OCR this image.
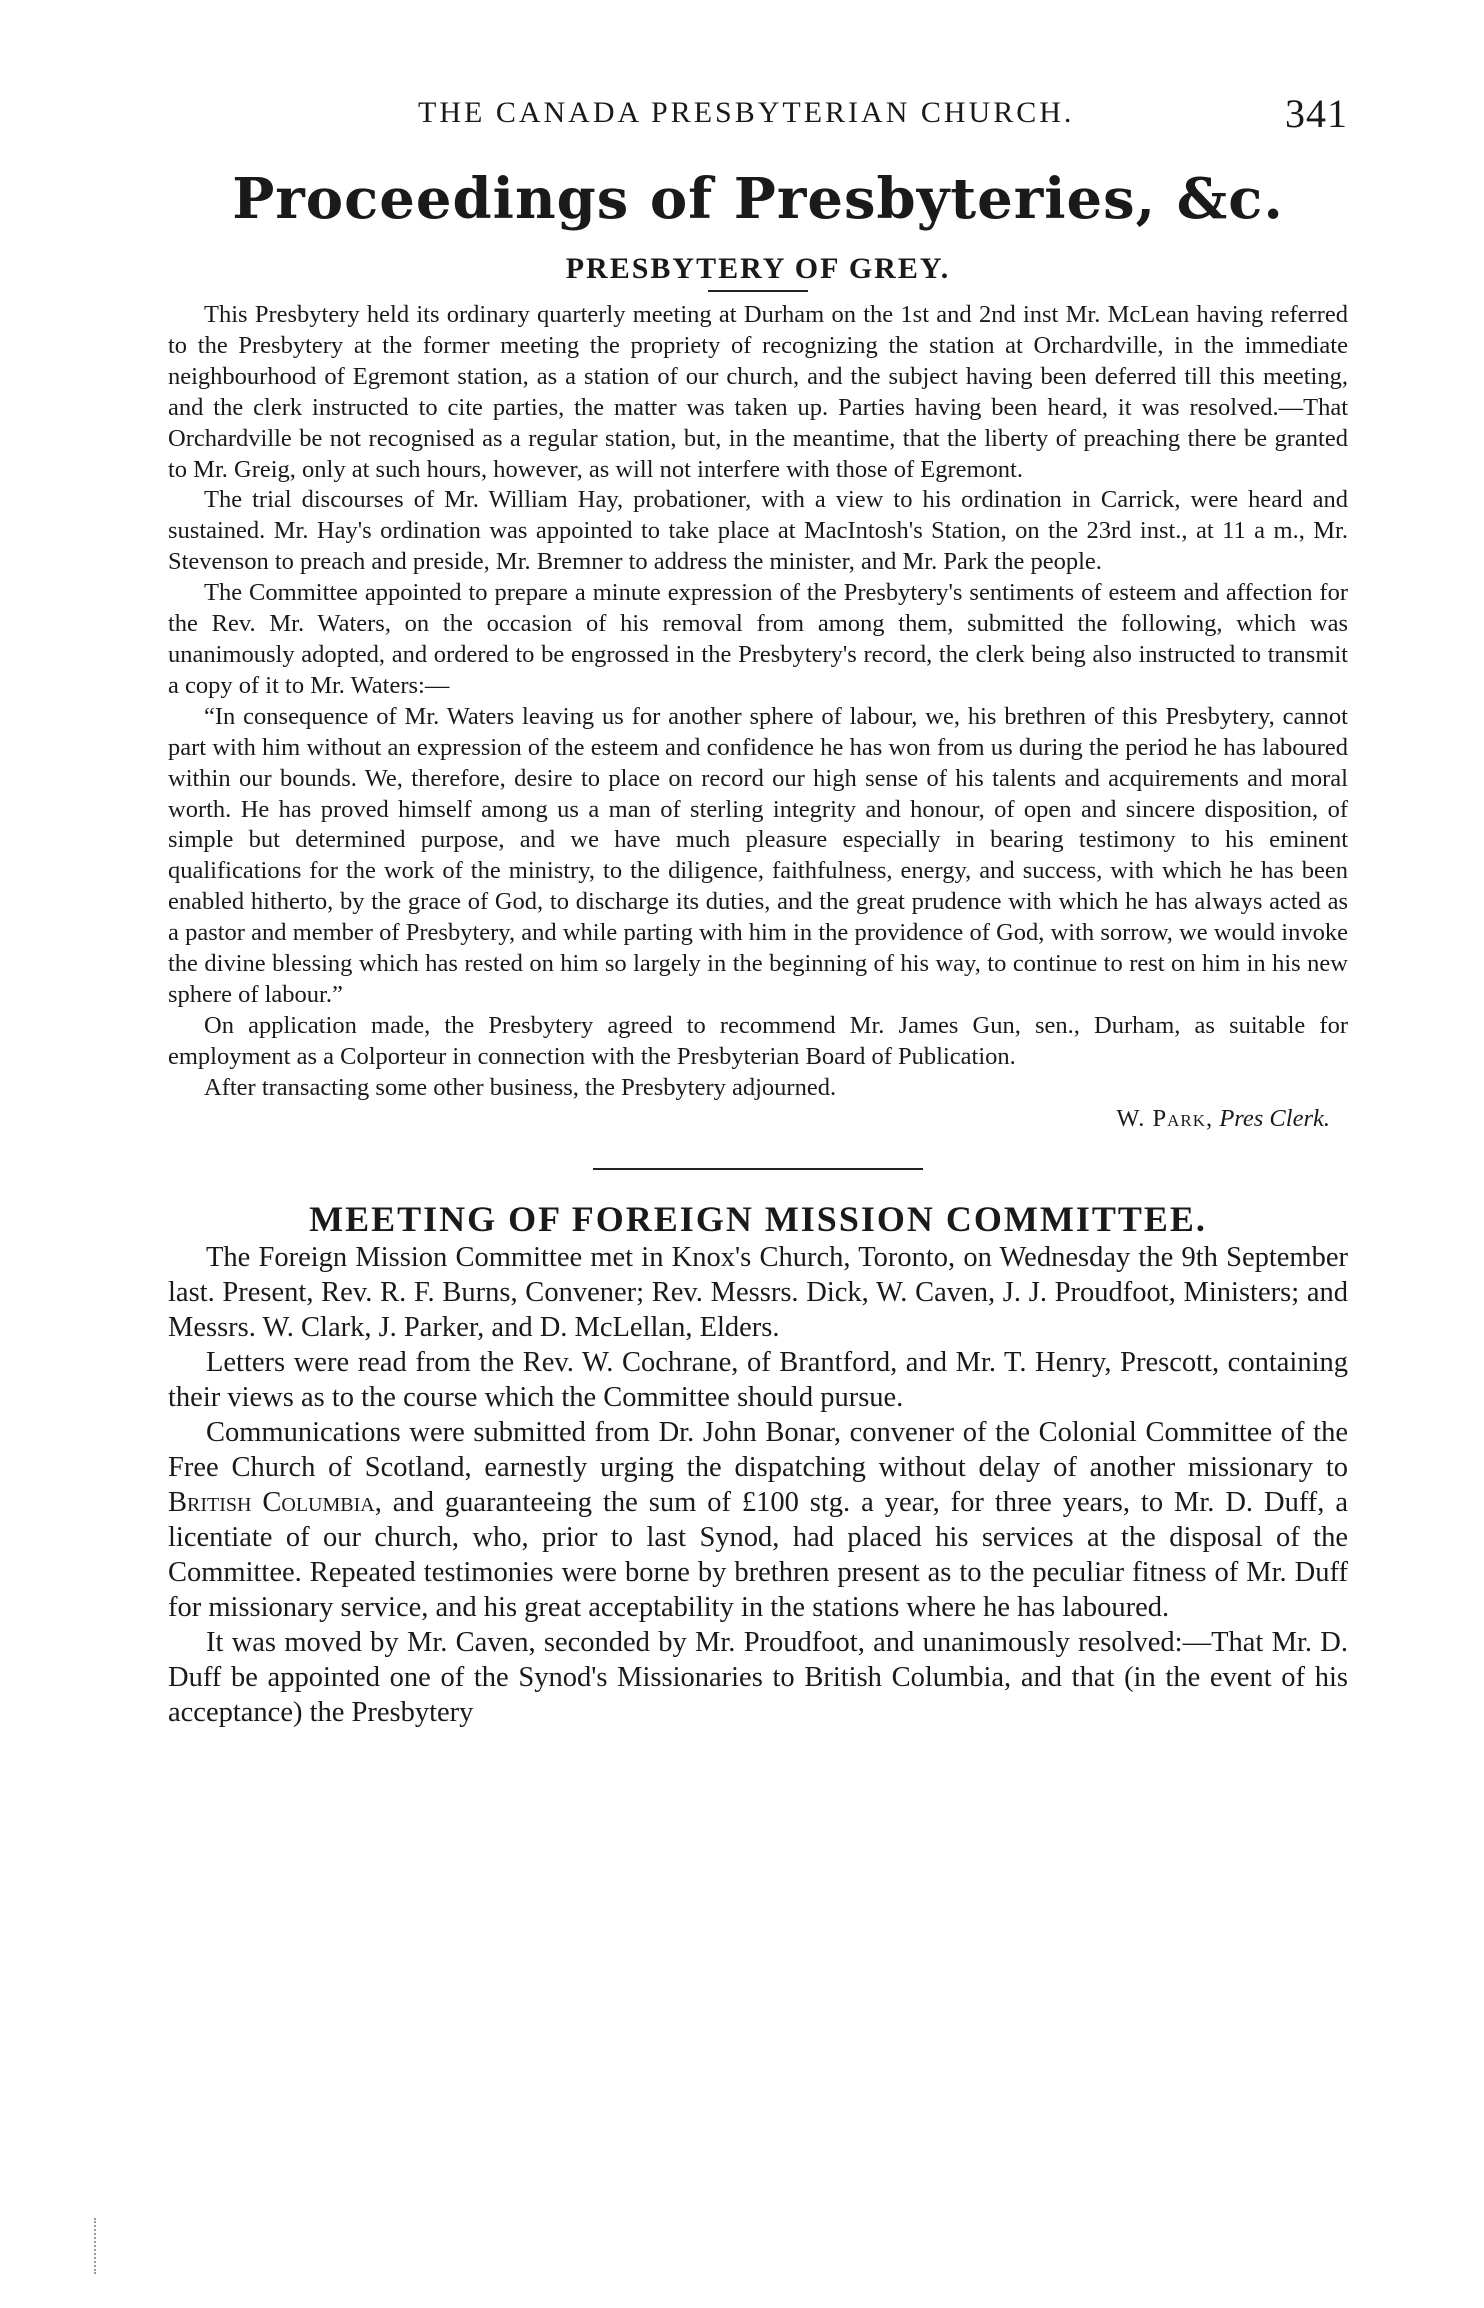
THE CANADA PRESBYTERIAN CHURCH.	341
Proceedings of Presbyteries, &c.
PRESBYTERY OF GREY.

This Presbytery held its ordinary quarterly meeting at Durham on the 1st and 2nd inst Mr. McLean having referred to the Presbytery at the former meeting the propriety of recognizing the station at Orchardville, in the immediate neighbourhood of Egremont station, as a station of our church, and the subject having been deferred till this meeting, and the clerk instructed to cite parties, the matter was taken up. Parties having been heard, it was resolved.—That Orchardville be not recognised as a regular station, but, in the meantime, that the liberty of preaching there be granted to Mr. Greig, only at such hours, however, as will not interfere with those of Egremont.

The trial discourses of Mr. William Hay, probationer, with a view to his ordination in Carrick, were heard and sustained. Mr. Hay's ordination was appointed to take place at MacIntosh's Station, on the 23rd inst., at 11 a m., Mr. Stevenson to preach and preside, Mr. Bremner to address the minister, and Mr. Park the people.

The Committee appointed to prepare a minute expression of the Presbytery's sentiments of esteem and affection for the Rev. Mr. Waters, on the occasion of his removal from among them, submitted the following, which was unanimously adopted, and ordered to be engrossed in the Presbytery's record, the clerk being also instructed to transmit a copy of it to Mr. Waters:—

“In consequence of Mr. Waters leaving us for another sphere of labour, we, his brethren of this Presbytery, cannot part with him without an expression of the esteem and confidence he has won from us during the period he has laboured within our bounds. We, therefore, desire to place on record our high sense of his talents and acquirements and moral worth. He has proved himself among us a man of sterling integrity and honour, of open and sincere disposition, of simple but determined purpose, and we have much pleasure especially in bearing testimony to his eminent qualifications for the work of the ministry, to the diligence, faithfulness, energy, and success, with which he has been enabled hitherto, by the grace of God, to discharge its duties, and the great prudence with which he has always acted as a pastor and member of Presbytery, and while parting with him in the providence of God, with sorrow, we would invoke the divine blessing which has rested on him so largely in the beginning of his way, to continue to rest on him in his new sphere of labour.”

On application made, the Presbytery agreed to recommend Mr. James Gun, sen., Durham, as suitable for employment as a Colporteur in connection with the Presbyterian Board of Publication.

After transacting some other business, the Presbytery adjourned.

W. Park, Pres Clerk.
MEETING OF FOREIGN MISSION COMMITTEE.

The Foreign Mission Committee met in Knox's Church, Toronto, on Wednesday the 9th September last. Present, Rev. R. F. Burns, Convener; Rev. Messrs. Dick, W. Caven, J. J. Proudfoot, Ministers; and Messrs. W. Clark, J. Parker, and D. McLellan, Elders.

Letters were read from the Rev. W. Cochrane, of Brantford, and Mr. T. Henry, Prescott, containing their views as to the course which the Committee should pursue.

Communications were submitted from Dr. John Bonar, convener of the Colonial Committee of the Free Church of Scotland, earnestly urging the dispatching without delay of another missionary to British Columbia, and guaranteeing the sum of £100 stg. a year, for three years, to Mr. D. Duff, a licentiate of our church, who, prior to last Synod, had placed his services at the disposal of the Committee. Repeated testimonies were borne by brethren present as to the peculiar fitness of Mr. Duff for missionary service, and his great acceptability in the stations where he has laboured.

It was moved by Mr. Caven, seconded by Mr. Proudfoot, and unanimously resolved:—That Mr. D. Duff be appointed one of the Synod's Missionaries to British Columbia, and that (in the event of his acceptance) the Presbytery
